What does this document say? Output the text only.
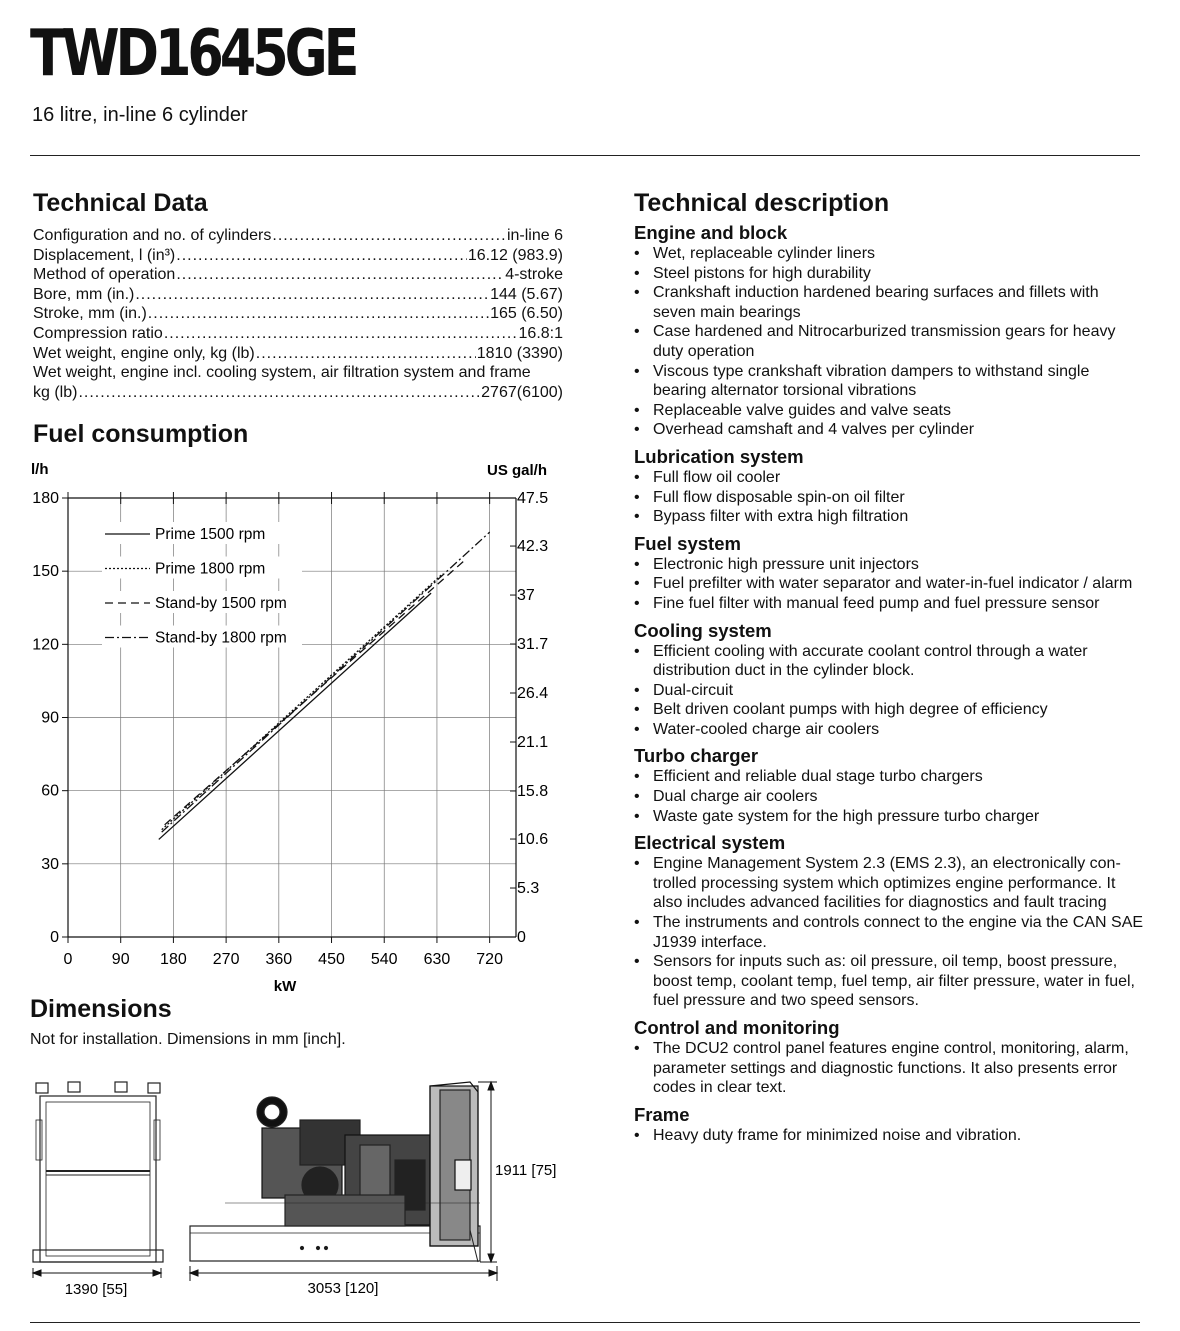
TWD1645GE
16 litre, in-line 6 cylinder
Technical Data
Configuration and no. of cylinders .....	in-line 6
Displacement, l (in³) .....	16.12 (983.9)
Method of operation .....	4-stroke
Bore, mm (in.) .....	144 (5.67)
Stroke, mm (in.) .....	165 (6.50)
Compression ratio .....	16.8:1
Wet weight, engine only, kg (lb) .....	1810 (3390)
Wet weight, engine incl. cooling system, air filtration system and frame
kg (lb) .....	2767(6100)
Fuel consumption
0 90 180 270 360 450 540 630 720
0
30
60
90
120
150
180
0
5.3
10.6
15.8
21.1
26.4
31.7
37
42.3
47.5
Prime 1500 rpm
Prime 1800 rpm
Stand-by 1500 rpm
Stand-by 1800 rpm
l/h	US gal/h
kW
Dimensions
Not for installation. Dimensions in mm [inch].
1390 [55]	3053 [120]
1911 [75]
Technical description
Engine and block
• Wet, replaceable cylinder liners
• Steel pistons for high durability
• Crankshaft induction hardened bearing surfaces and fillets with seven main bearings
• Case hardened and Nitrocarburized transmission gears for heavy duty operation
• Viscous type crankshaft vibration dampers to withstand single bearing alternator torsional vibrations
• Replaceable valve guides and valve seats
• Overhead camshaft and 4 valves per cylinder
Lubrication system
• Full flow oil cooler
• Full flow disposable spin-on oil filter
• Bypass filter with extra high filtration
Fuel system
• Electronic high pressure unit injectors
• Fuel prefilter with water separator and water-in-fuel indicator / alarm
• Fine fuel filter with manual feed pump and fuel pressure sensor
Cooling system
• Efficient cooling with accurate coolant control through a water distribution duct in the cylinder block.
• Dual-circuit
• Belt driven coolant pumps with high degree of efficiency
• Water-cooled charge air coolers
Turbo charger
• Efficient and reliable dual stage turbo chargers
• Dual charge air coolers
• Waste gate system for the high pressure turbo charger
Electrical system
• Engine Management System 2.3 (EMS 2.3), an electronically con-trolled processing system which optimizes engine performance. It also includes advanced facilities for diagnostics and fault tracing
• The instruments and controls connect to the engine via the CAN SAE J1939 interface.
• Sensors for inputs such as: oil pressure, oil temp, boost pressure, boost temp, coolant temp, fuel temp, air filter pressure, water in fuel, fuel pressure and two speed sensors.
Control and monitoring
• The DCU2 control panel features engine control, monitoring, alarm, parameter settings and diagnostic functions. It also presents error codes in clear text.
Frame
• Heavy duty frame for minimized noise and vibration.
